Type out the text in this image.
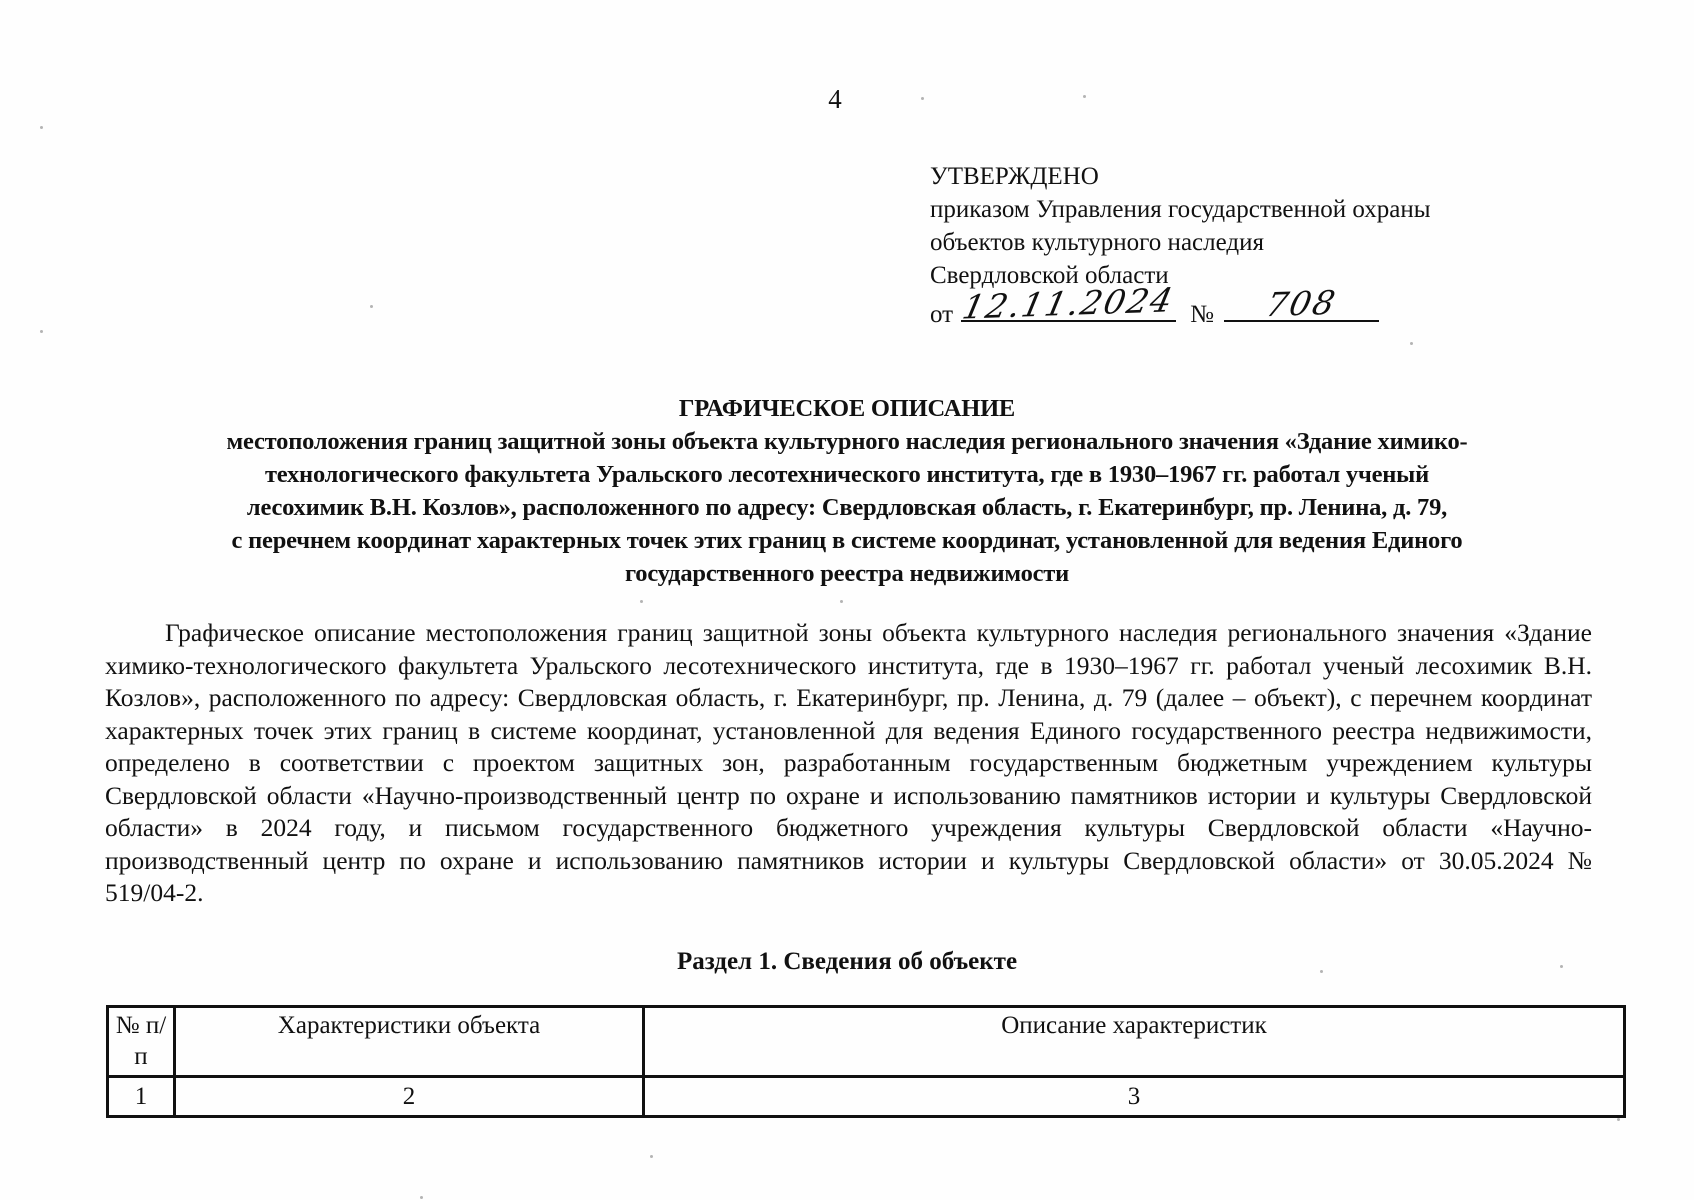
4
УТВЕРЖДЕНО
приказом Управления государственной охраны
объектов культурного наследия
Свердловской области
от 12.11.2024 №	708
ГРАФИЧЕСКОЕ ОПИСАНИЕ
местоположения границ защитной зоны объекта культурного наследия регионального значения «Здание химико-
технологического факультета Уральского лесотехнического института, где в 1930–1967 гг. работал ученый
лесохимик В.Н. Козлов», расположенного по адресу: Свердловская область, г. Екатеринбург, пр. Ленина, д. 79,
с перечнем координат характерных точек этих границ в системе координат, установленной для ведения Единого
государственного реестра недвижимости
Графическое описание местоположения границ защитной зоны объекта культурного наследия регионального значения «Здание химико-технологического факультета Уральского лесотехнического института, где в 1930–1967 гг. работал ученый лесохимик В.Н. Козлов», расположенного по адресу: Свердловская область, г. Екатеринбург, пр. Ленина, д. 79 (далее – объект), с перечнем координат характерных точек этих границ в системе координат, установленной для ведения Единого государственного реестра недвижимости, определено в соответствии с проектом защитных зон, разработанным государственным бюджетным учреждением культуры Свердловской области «Научно-производственный центр по охране и использованию памятников истории и культуры Свердловской области» в 2024 году, и письмом государственного бюджетного учреждения культуры Свердловской области «Научно-производственный центр по охране и использованию памятников истории и культуры Свердловской области» от 30.05.2024 № 519/04-2.
Раздел 1. Сведения об объекте
№ п/п	Характеристики объекта	Описание характеристик
1	2	3
